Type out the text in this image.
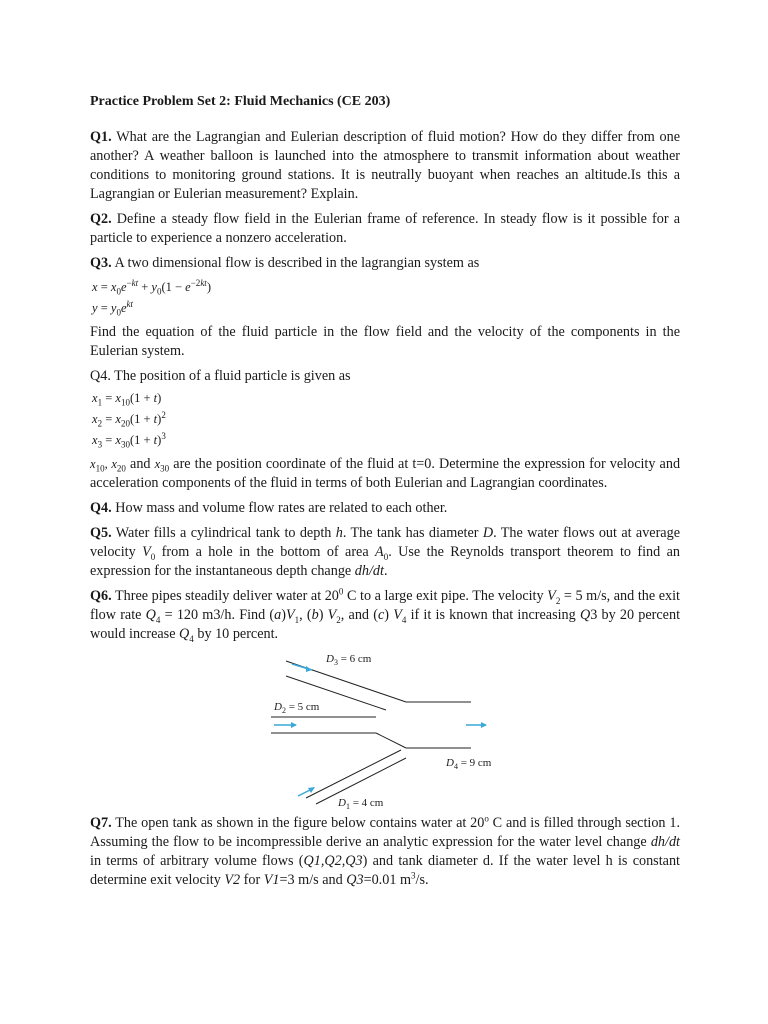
Practice Problem Set 2: Fluid Mechanics (CE 203)

Q1. What are the Lagrangian and Eulerian description of fluid motion? How do they differ from one another? A weather balloon is launched into the atmosphere to transmit information about weather conditions to monitoring ground stations. It is neutrally buoyant when reaches an altitude.Is this a Lagrangian or Eulerian measurement? Explain.

Q2. Define a steady flow field in the Eulerian frame of reference. In steady flow is it possible for a particle to experience a nonzero acceleration.

Q3. A two dimensional flow is described in the lagrangian system as

$x = x_0e^{-kt} + y_0(1 - e^{-2kt})$
$y = y_0e^{kt}$

Find the equation of the fluid particle in the flow field and the velocity of the components in the Eulerian system.

Q4. The position of a fluid particle is given as

$x_1 = x_{10}(1 + t)$
$x_2 = x_{20}(1 + t)^2$
$x_3 = x_{30}(1 + t)^3$

$x_{10}$, $x_{20}$ and $x_{30}$ are the position coordinate of the fluid at t=0. Determine the expression for velocity and acceleration components of the fluid in terms of both Eulerian and Lagrangian coordinates.

Q4. How mass and volume flow rates are related to each other.

Q5. Water fills a cylindrical tank to depth h. The tank has diameter D. The water flows out at average velocity $V_0$ from a hole in the bottom of area $A_0$. Use the Reynolds transport theorem to find an expression for the instantaneous depth change dh/dt.

Q6. Three pipes steadily deliver water at $20^0$ C to a large exit pipe. The velocity $V_2 = 5$ m/s, and the exit flow rate $Q_4 = 120$ m3/h. Find $(a)V_1$, (b) $V_2$, and (c) $V_4$ if it is known that increasing Q3 by 20 percent would increase $Q_4$ by 10 percent.

$D_3 = 6$ cm
$D_2 = 5$ cm
$D_4 = 9$ cm
$D_1 = 4$ cm

Q7. The open tank as shown in the figure below contains water at 20$^o$ C and is filled through section 1. Assuming the flow to be incompressible derive an analytic expression for the water level change dh/dt in terms of arbitrary volume flows (Q1,Q2,Q3) and tank diameter d. If the water level h is constant determine exit velocity V2 for V1=3 m/s and Q3=0.01 $m^3/s$.
